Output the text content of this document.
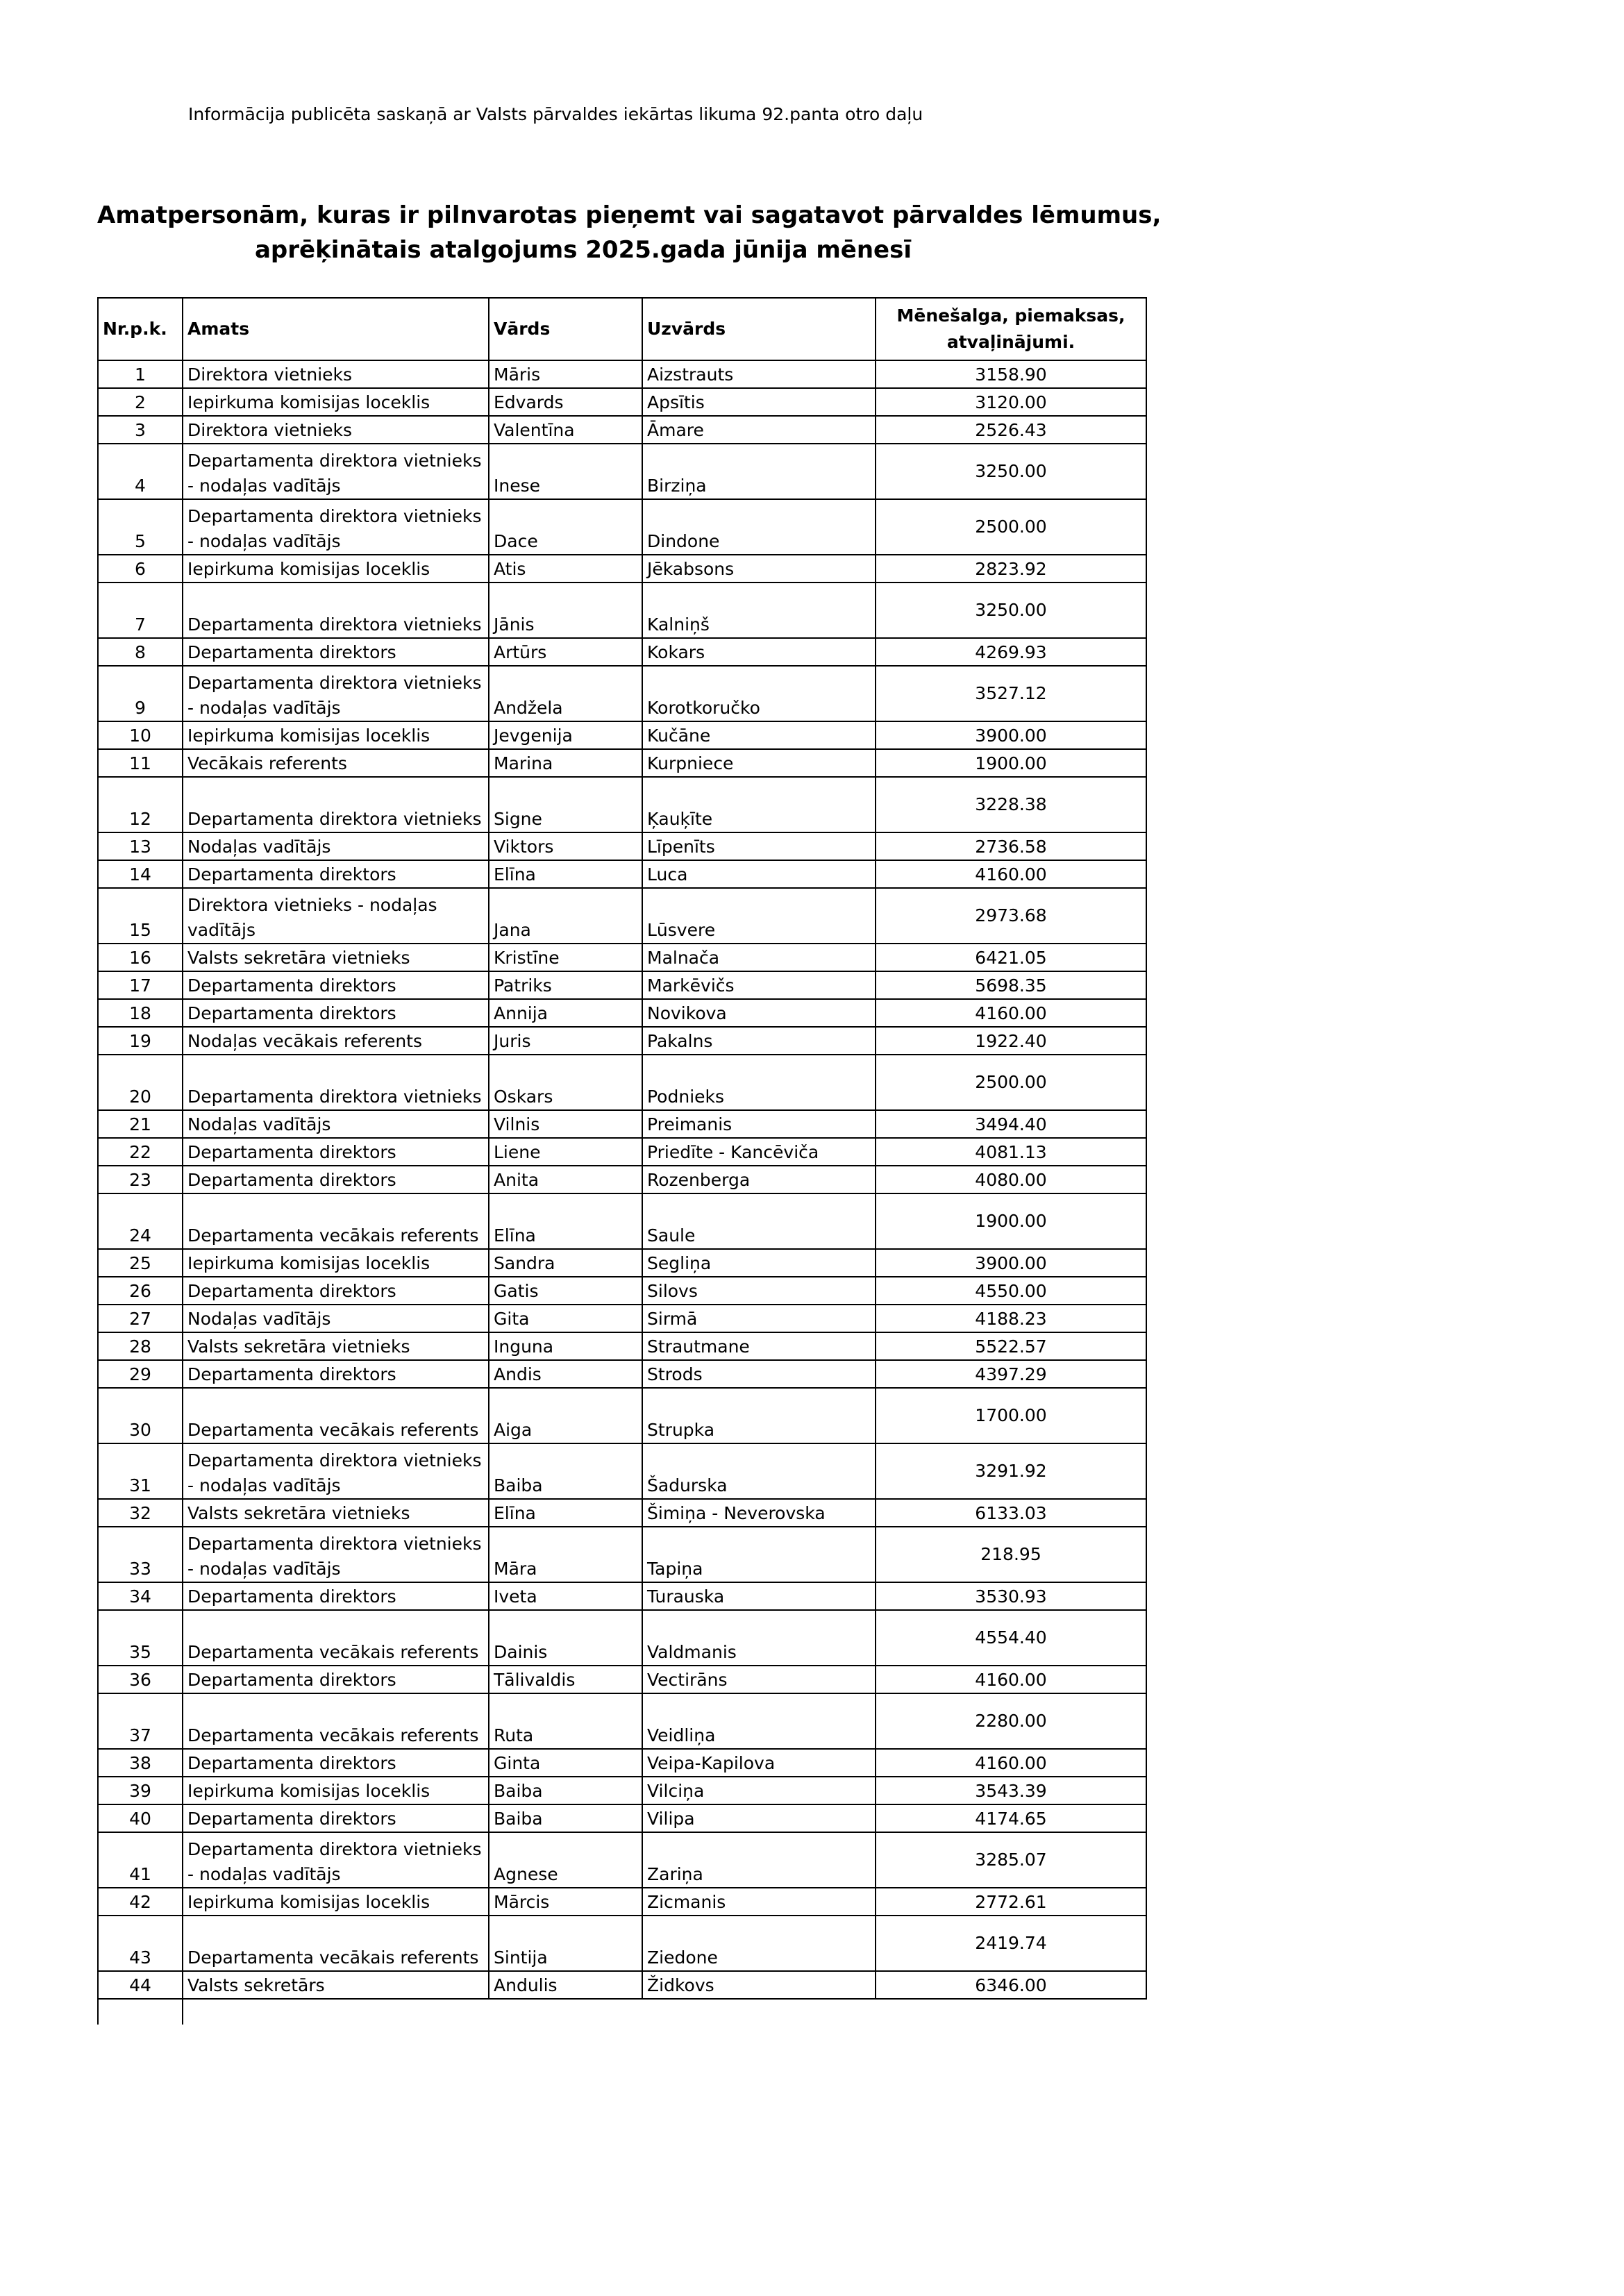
Informācija publicēta saskaņā ar Valsts pārvaldes iekārtas likuma 92.panta otro daļu
Amatpersonām, kuras ir pilnvarotas pieņemt vai sagatavot pārvaldes lēmumus,
aprēķinātais atalgojums 2025.gada jūnija mēnesī
Nr.p.k.	Amats	Vārds	Uzvārds	Mēnešalga, piemaksas, atvaļinājumi.
1	Direktora vietnieks	Māris	Aizstrauts	3158.90
2	Iepirkuma komisijas loceklis	Edvards	Apsītis	3120.00
3	Direktora vietnieks	Valentīna	Āmare	2526.43
4	Departamenta direktora vietnieks - nodaļas vadītājs	Inese	Birziņa	3250.00
5	Departamenta direktora vietnieks - nodaļas vadītājs	Dace	Dindone	2500.00
6	Iepirkuma komisijas loceklis	Atis	Jēkabsons	2823.92
7	Departamenta direktora vietnieks	Jānis	Kalniņš	3250.00
8	Departamenta direktors	Artūrs	Kokars	4269.93
9	Departamenta direktora vietnieks - nodaļas vadītājs	Andžela	Korotkoručko	3527.12
10	Iepirkuma komisijas loceklis	Jevgenija	Kučāne	3900.00
11	Vecākais referents	Marina	Kurpniece	1900.00
12	Departamenta direktora vietnieks	Signe	Ķauķīte	3228.38
13	Nodaļas vadītājs	Viktors	Līpenīts	2736.58
14	Departamenta direktors	Elīna	Luca	4160.00
15	Direktora vietnieks - nodaļas vadītājs	Jana	Lūsvere	2973.68
16	Valsts sekretāra vietnieks	Kristīne	Malnača	6421.05
17	Departamenta direktors	Patriks	Markēvičs	5698.35
18	Departamenta direktors	Annija	Novikova	4160.00
19	Nodaļas vecākais referents	Juris	Pakalns	1922.40
20	Departamenta direktora vietnieks	Oskars	Podnieks	2500.00
21	Nodaļas vadītājs	Vilnis	Preimanis	3494.40
22	Departamenta direktors	Liene	Priedīte - Kancēviča	4081.13
23	Departamenta direktors	Anita	Rozenberga	4080.00
24	Departamenta vecākais referents	Elīna	Saule	1900.00
25	Iepirkuma komisijas loceklis	Sandra	Segliņa	3900.00
26	Departamenta direktors	Gatis	Silovs	4550.00
27	Nodaļas vadītājs	Gita	Sirmā	4188.23
28	Valsts sekretāra vietnieks	Inguna	Strautmane	5522.57
29	Departamenta direktors	Andis	Strods	4397.29
30	Departamenta vecākais referents	Aiga	Strupka	1700.00
31	Departamenta direktora vietnieks - nodaļas vadītājs	Baiba	Šadurska	3291.92
32	Valsts sekretāra vietnieks	Elīna	Šimiņa - Neverovska	6133.03
33	Departamenta direktora vietnieks - nodaļas vadītājs	Māra	Tapiņa	218.95
34	Departamenta direktors	Iveta	Turauska	3530.93
35	Departamenta vecākais referents	Dainis	Valdmanis	4554.40
36	Departamenta direktors	Tālivaldis	Vectirāns	4160.00
37	Departamenta vecākais referents	Ruta	Veidliņa	2280.00
38	Departamenta direktors	Ginta	Veipa-Kapilova	4160.00
39	Iepirkuma komisijas loceklis	Baiba	Vilciņa	3543.39
40	Departamenta direktors	Baiba	Vilipa	4174.65
41	Departamenta direktora vietnieks - nodaļas vadītājs	Agnese	Zariņa	3285.07
42	Iepirkuma komisijas loceklis	Mārcis	Zicmanis	2772.61
43	Departamenta vecākais referents	Sintija	Ziedone	2419.74
44	Valsts sekretārs	Andulis	Židkovs	6346.00
